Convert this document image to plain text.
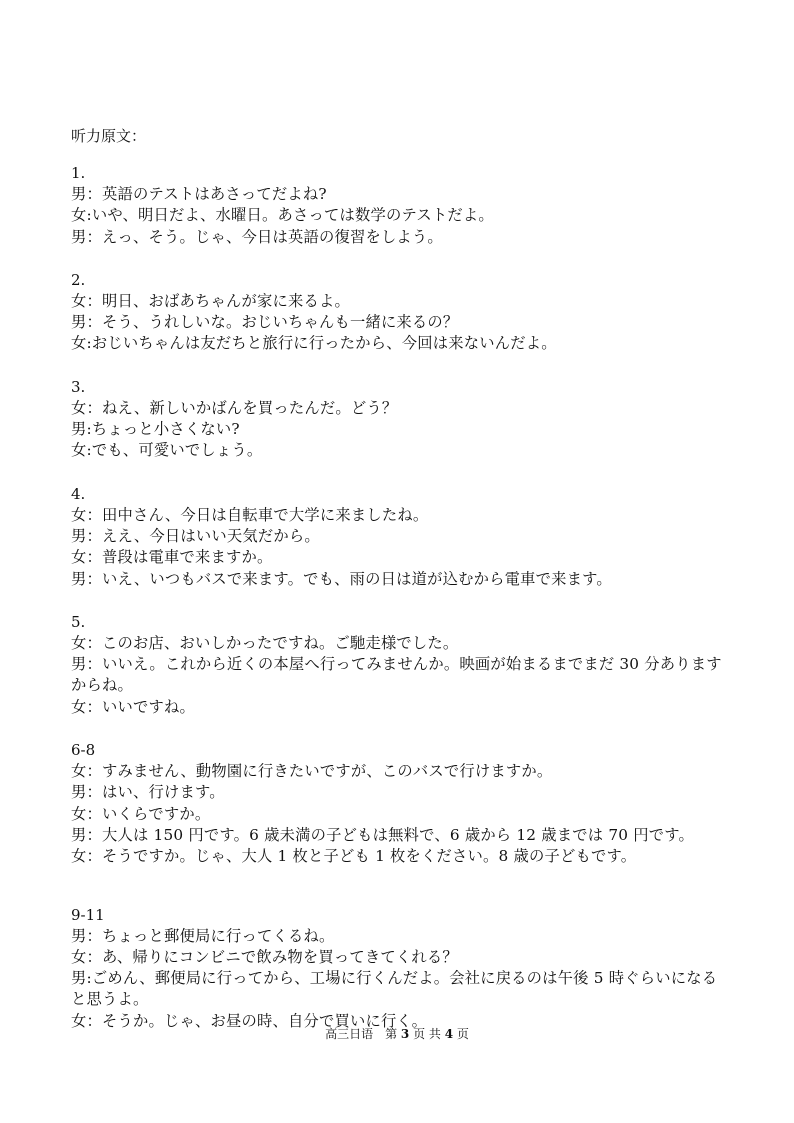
听力原文：
1.
男：英語のテストはあさってだよね?
女:いや、明日だよ、水曜日。あさっては数学のテストだよ。
男：えっ、そう。じゃ、今日は英語の復習をしよう。
2.
女：明日、おばあちゃんが家に来るよ。
男：そう、うれしいな。おじいちゃんも一緒に来るの？
女:おじいちゃんは友だちと旅行に行ったから、今回は来ないんだよ。
3.
女：ねえ、新しいかばんを買ったんだ。どう？
男:ちょっと小さくない?
女:でも、可愛いでしょう。
4.
女：田中さん、今日は自転車で大学に来ましたね。
男：ええ、今日はいい天気だから。
女：普段は電車で来ますか。
男：いえ、いつもバスで来ます。でも、雨の日は道が込むから電車で来ます。
5.
女：このお店、おいしかったですね。ご馳走様でした。
男：いいえ。これから近くの本屋へ行ってみませんか。映画が始まるまでまだ 30 分ありますからね。
女：いいですね。
6-8
女：すみません、動物園に行きたいですが、このバスで行けますか。
男：はい、行けます。
女：いくらですか。
男：大人は 150 円です。6 歳未満の子どもは無料で、6 歳から 12 歳までは 70 円です。
女：そうですか。じゃ、大人 1 枚と子ども 1 枚をください。8 歳の子どもです。
9-11
男：ちょっと郵便局に行ってくるね。
女：あ、帰りにコンビニで飲み物を買ってきてくれる？
男:ごめん、郵便局に行ってから、工場に行くんだよ。会社に戻るのは午後 5 時ぐらいになると思うよ。
女：そうか。じゃ、お昼の時、自分で買いに行く。
高三日语　第 3 页 共 4 页
